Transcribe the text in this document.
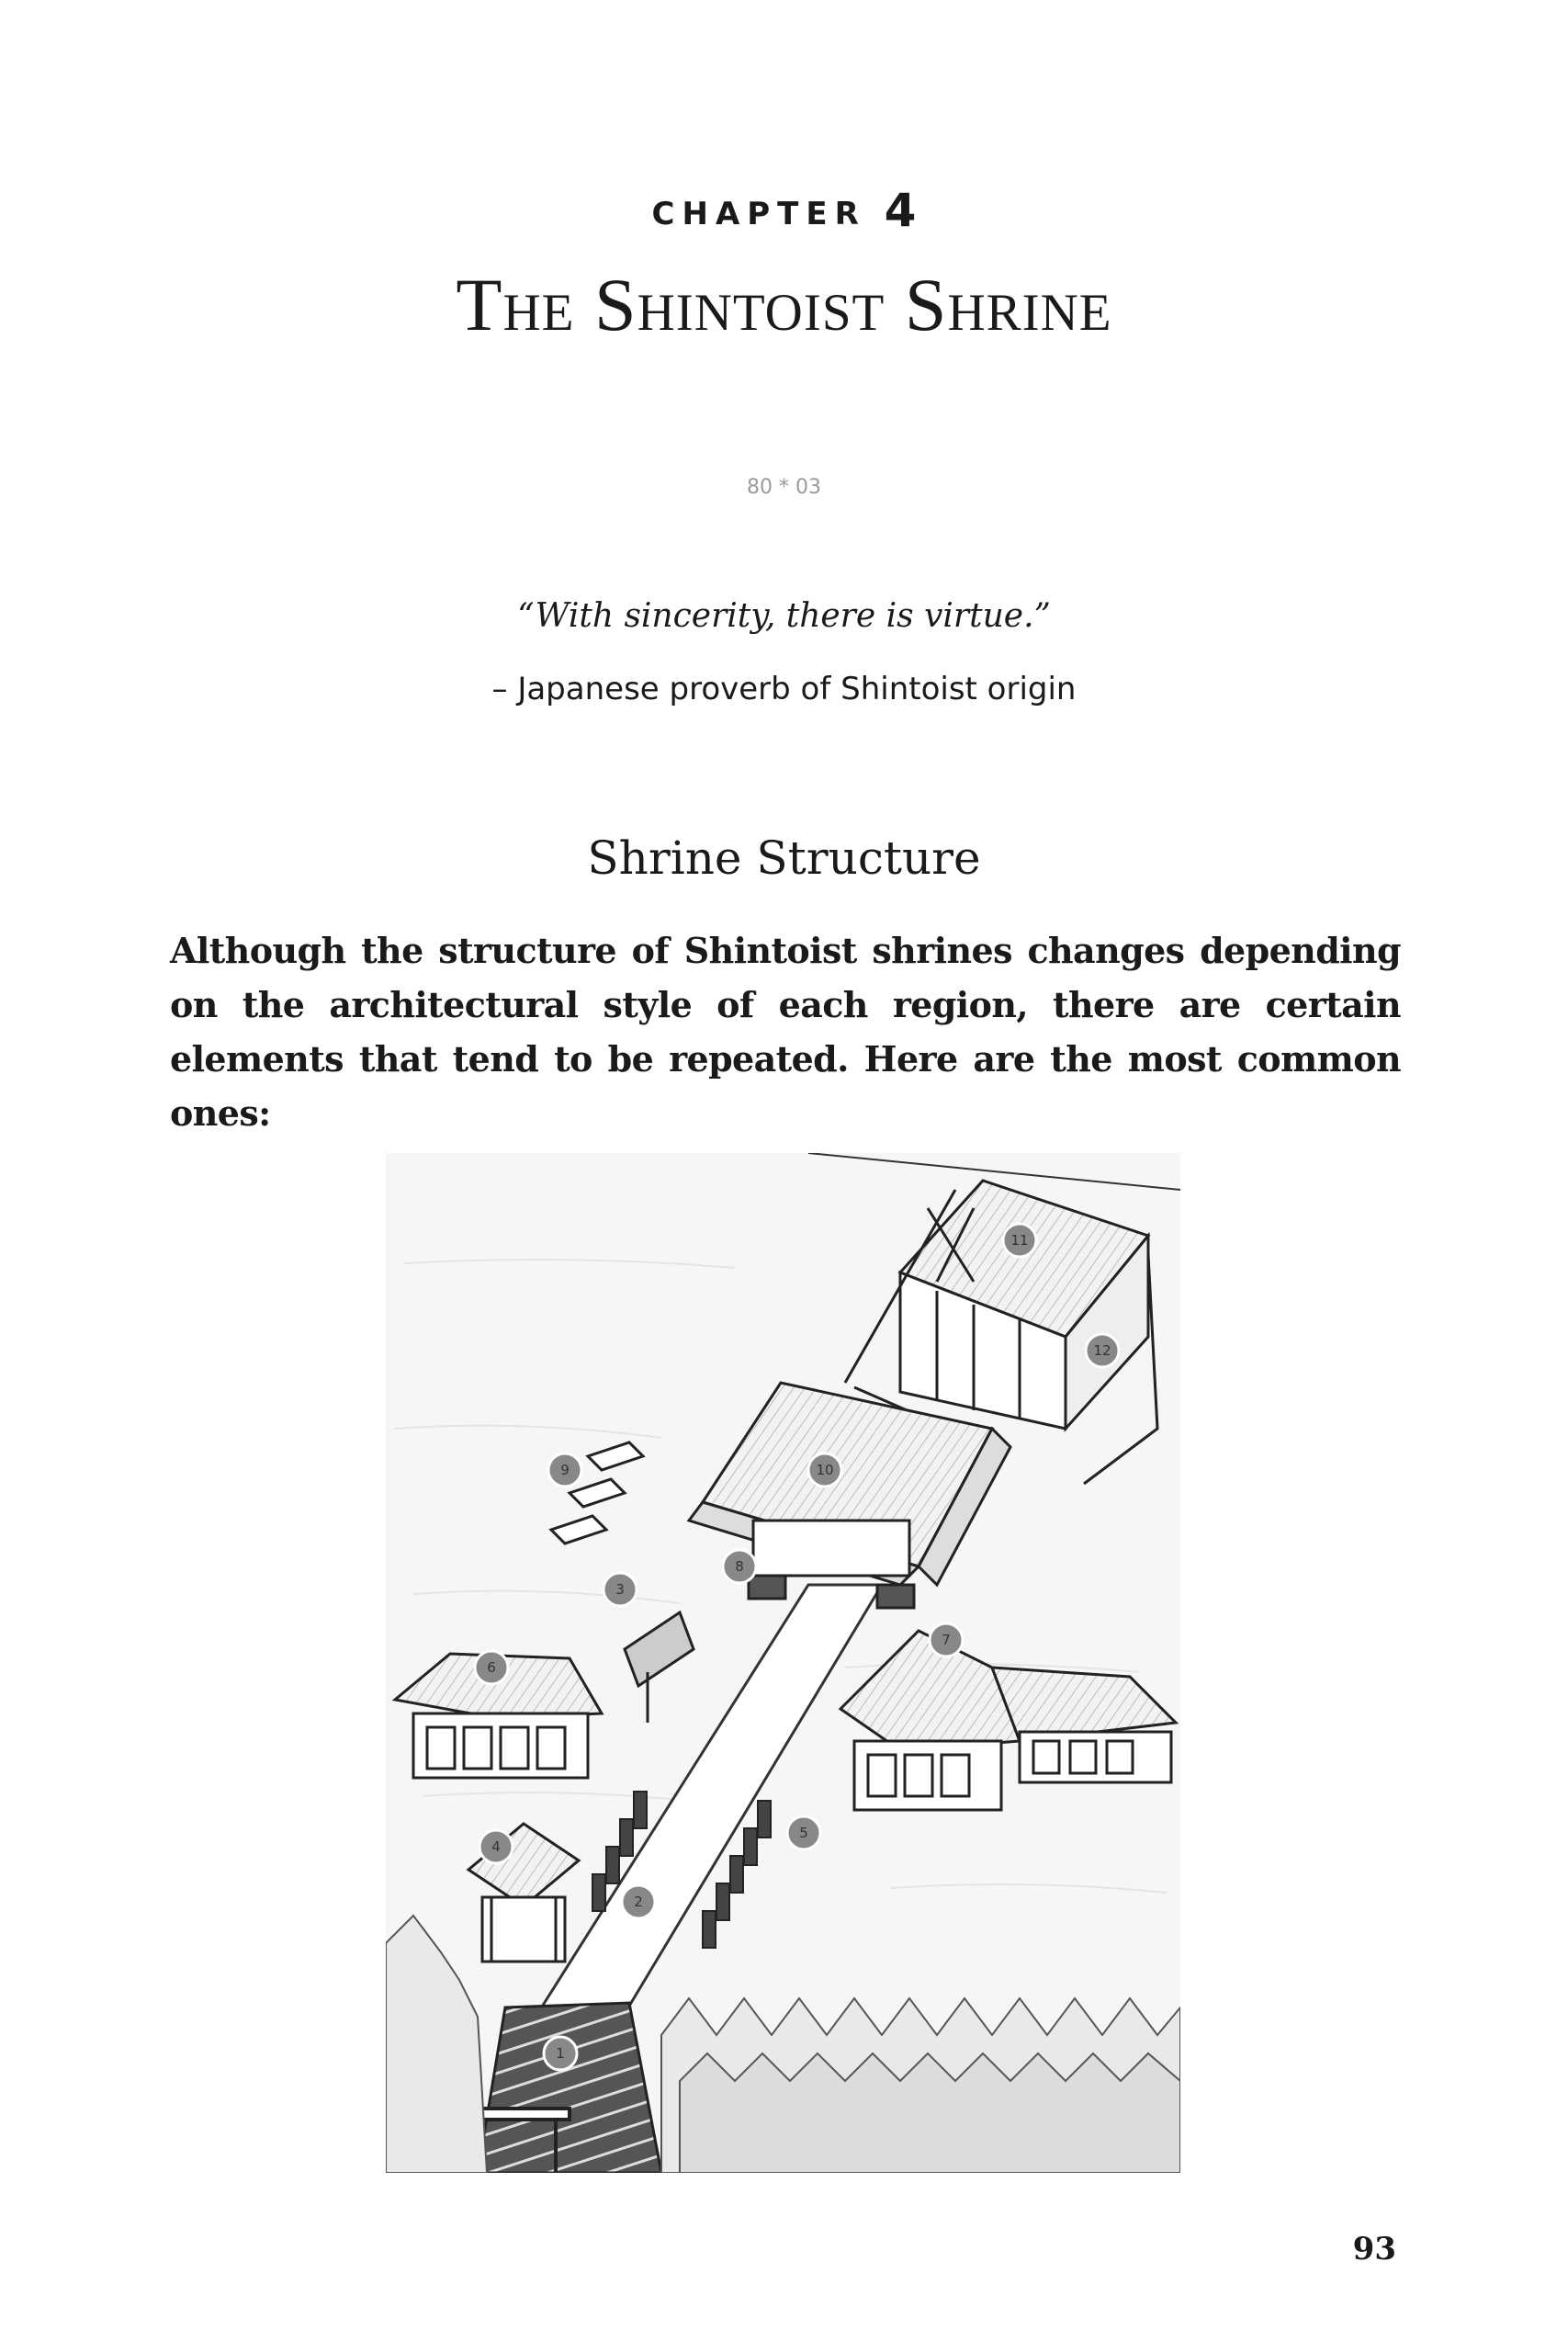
CHAPTER 4
The Shintoist Shrine
80 * 03
“With sincerity, there is virtue.”
– Japanese proverb of Shintoist origin
Shrine Structure
Although the structure of Shintoist shrines changes depending on the architectural style of each region, there are certain elements that tend to be repeated. Here are the most common ones:
11
12
10
9
8
3
6
7
4
5
2
1
93
